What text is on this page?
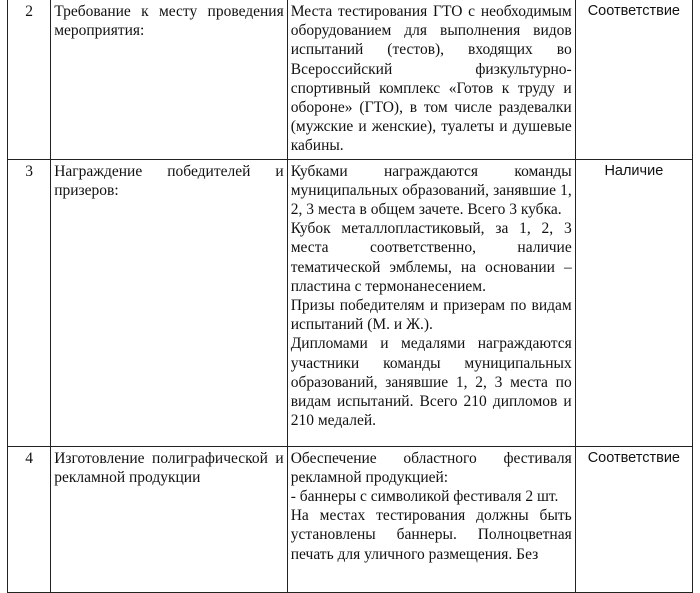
2	Требование к месту проведения мероприятия:	Места тестирования ГТО с необходимым оборудованием для выполнения видов испытаний (тестов), входящих во Всероссийский физкультурно-спортивный комплекс «Готов к труду и обороне» (ГТО), в том числе раздевалки (мужские и женские), туалеты и душевые кабины.	Соответствие
3	Награждение победителей и призеров:	Кубками награждаются команды муниципальных образований, занявшие 1, 2, 3 места в общем зачете. Всего 3 кубка.

Кубок металлопластиковый, за 1, 2, 3 места соответственно, наличие тематической эмблемы, на основании – пластина с термонанесением.

Призы победителям и призерам по видам испытаний (М. и Ж.).

Дипломами и медалями награждаются участники команды муниципальных образований, занявшие 1, 2, 3 места по видам испытаний. Всего 210 дипломов и 210 медалей.	Наличие
4	Изготовление полиграфической и рекламной продукции	Обеспечение областного фестиваля рекламной продукцией:

- баннеры с символикой фестиваля 2 шт.

На местах тестирования должны быть установлены баннеры. Полноцветная печать для уличного размещения. Без	Соответствие
